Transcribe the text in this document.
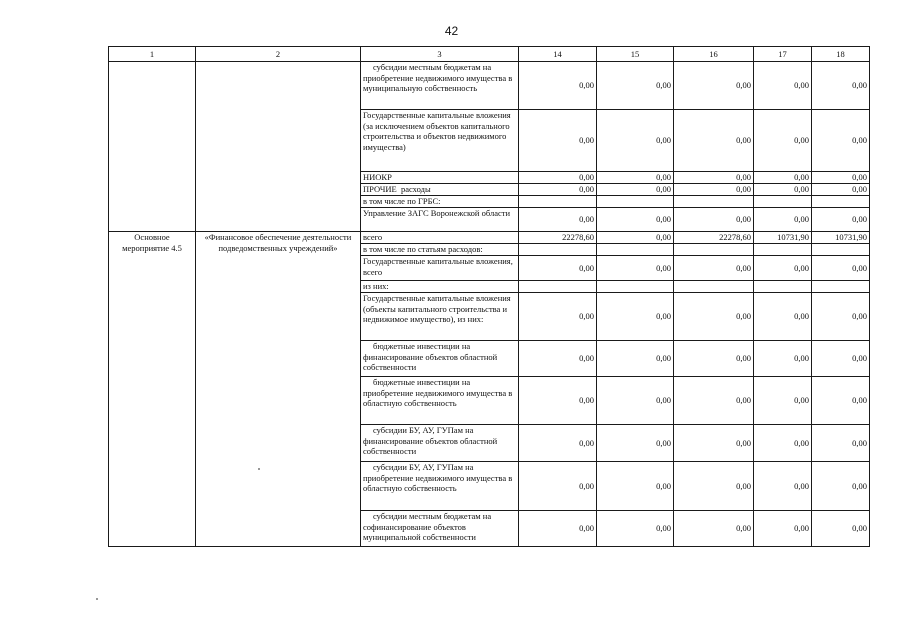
42
1	2	3	14	15	16	17	18
		субсидии местным бюджетам на приобретение недвижимого имущества в муниципальную собственность	0,00	0,00	0,00	0,00	0,00
		Государственные капитальные вложения (за исключением объектов капитального строительства и объектов недвижимого имущества)	0,00	0,00	0,00	0,00	0,00
		НИОКР	0,00	0,00	0,00	0,00	0,00
		ПРОЧИЕ  расходы	0,00	0,00	0,00	0,00	0,00
		в том числе по ГРБС:					
		Управление ЗАГС Воронежской области	0,00	0,00	0,00	0,00	0,00
Основное мероприятие 4.5	«Финансовое обеспечение деятельности подведомственных учреждений»	всего	22278,60	0,00	22278,60	10731,90	10731,90
		в том числе по статьям расходов:					
		Государственные капитальные вложения, всего	0,00	0,00	0,00	0,00	0,00
		из них:					
		Государственные капитальные вложения (объекты капитального строительства и недвижимое имущество), из них:	0,00	0,00	0,00	0,00	0,00
		бюджетные инвестиции на финансирование объектов областной собственности	0,00	0,00	0,00	0,00	0,00
		бюджетные инвестиции на приобретение недвижимого имущества в областную собственность	0,00	0,00	0,00	0,00	0,00
		субсидии БУ, АУ, ГУПам на финансирование объектов областной собственности	0,00	0,00	0,00	0,00	0,00
		субсидии БУ, АУ, ГУПам на приобретение недвижимого имущества в областную собственность	0,00	0,00	0,00	0,00	0,00
		субсидии местным бюджетам на софинансирование объектов муниципальной собственности	0,00	0,00	0,00	0,00	0,00
